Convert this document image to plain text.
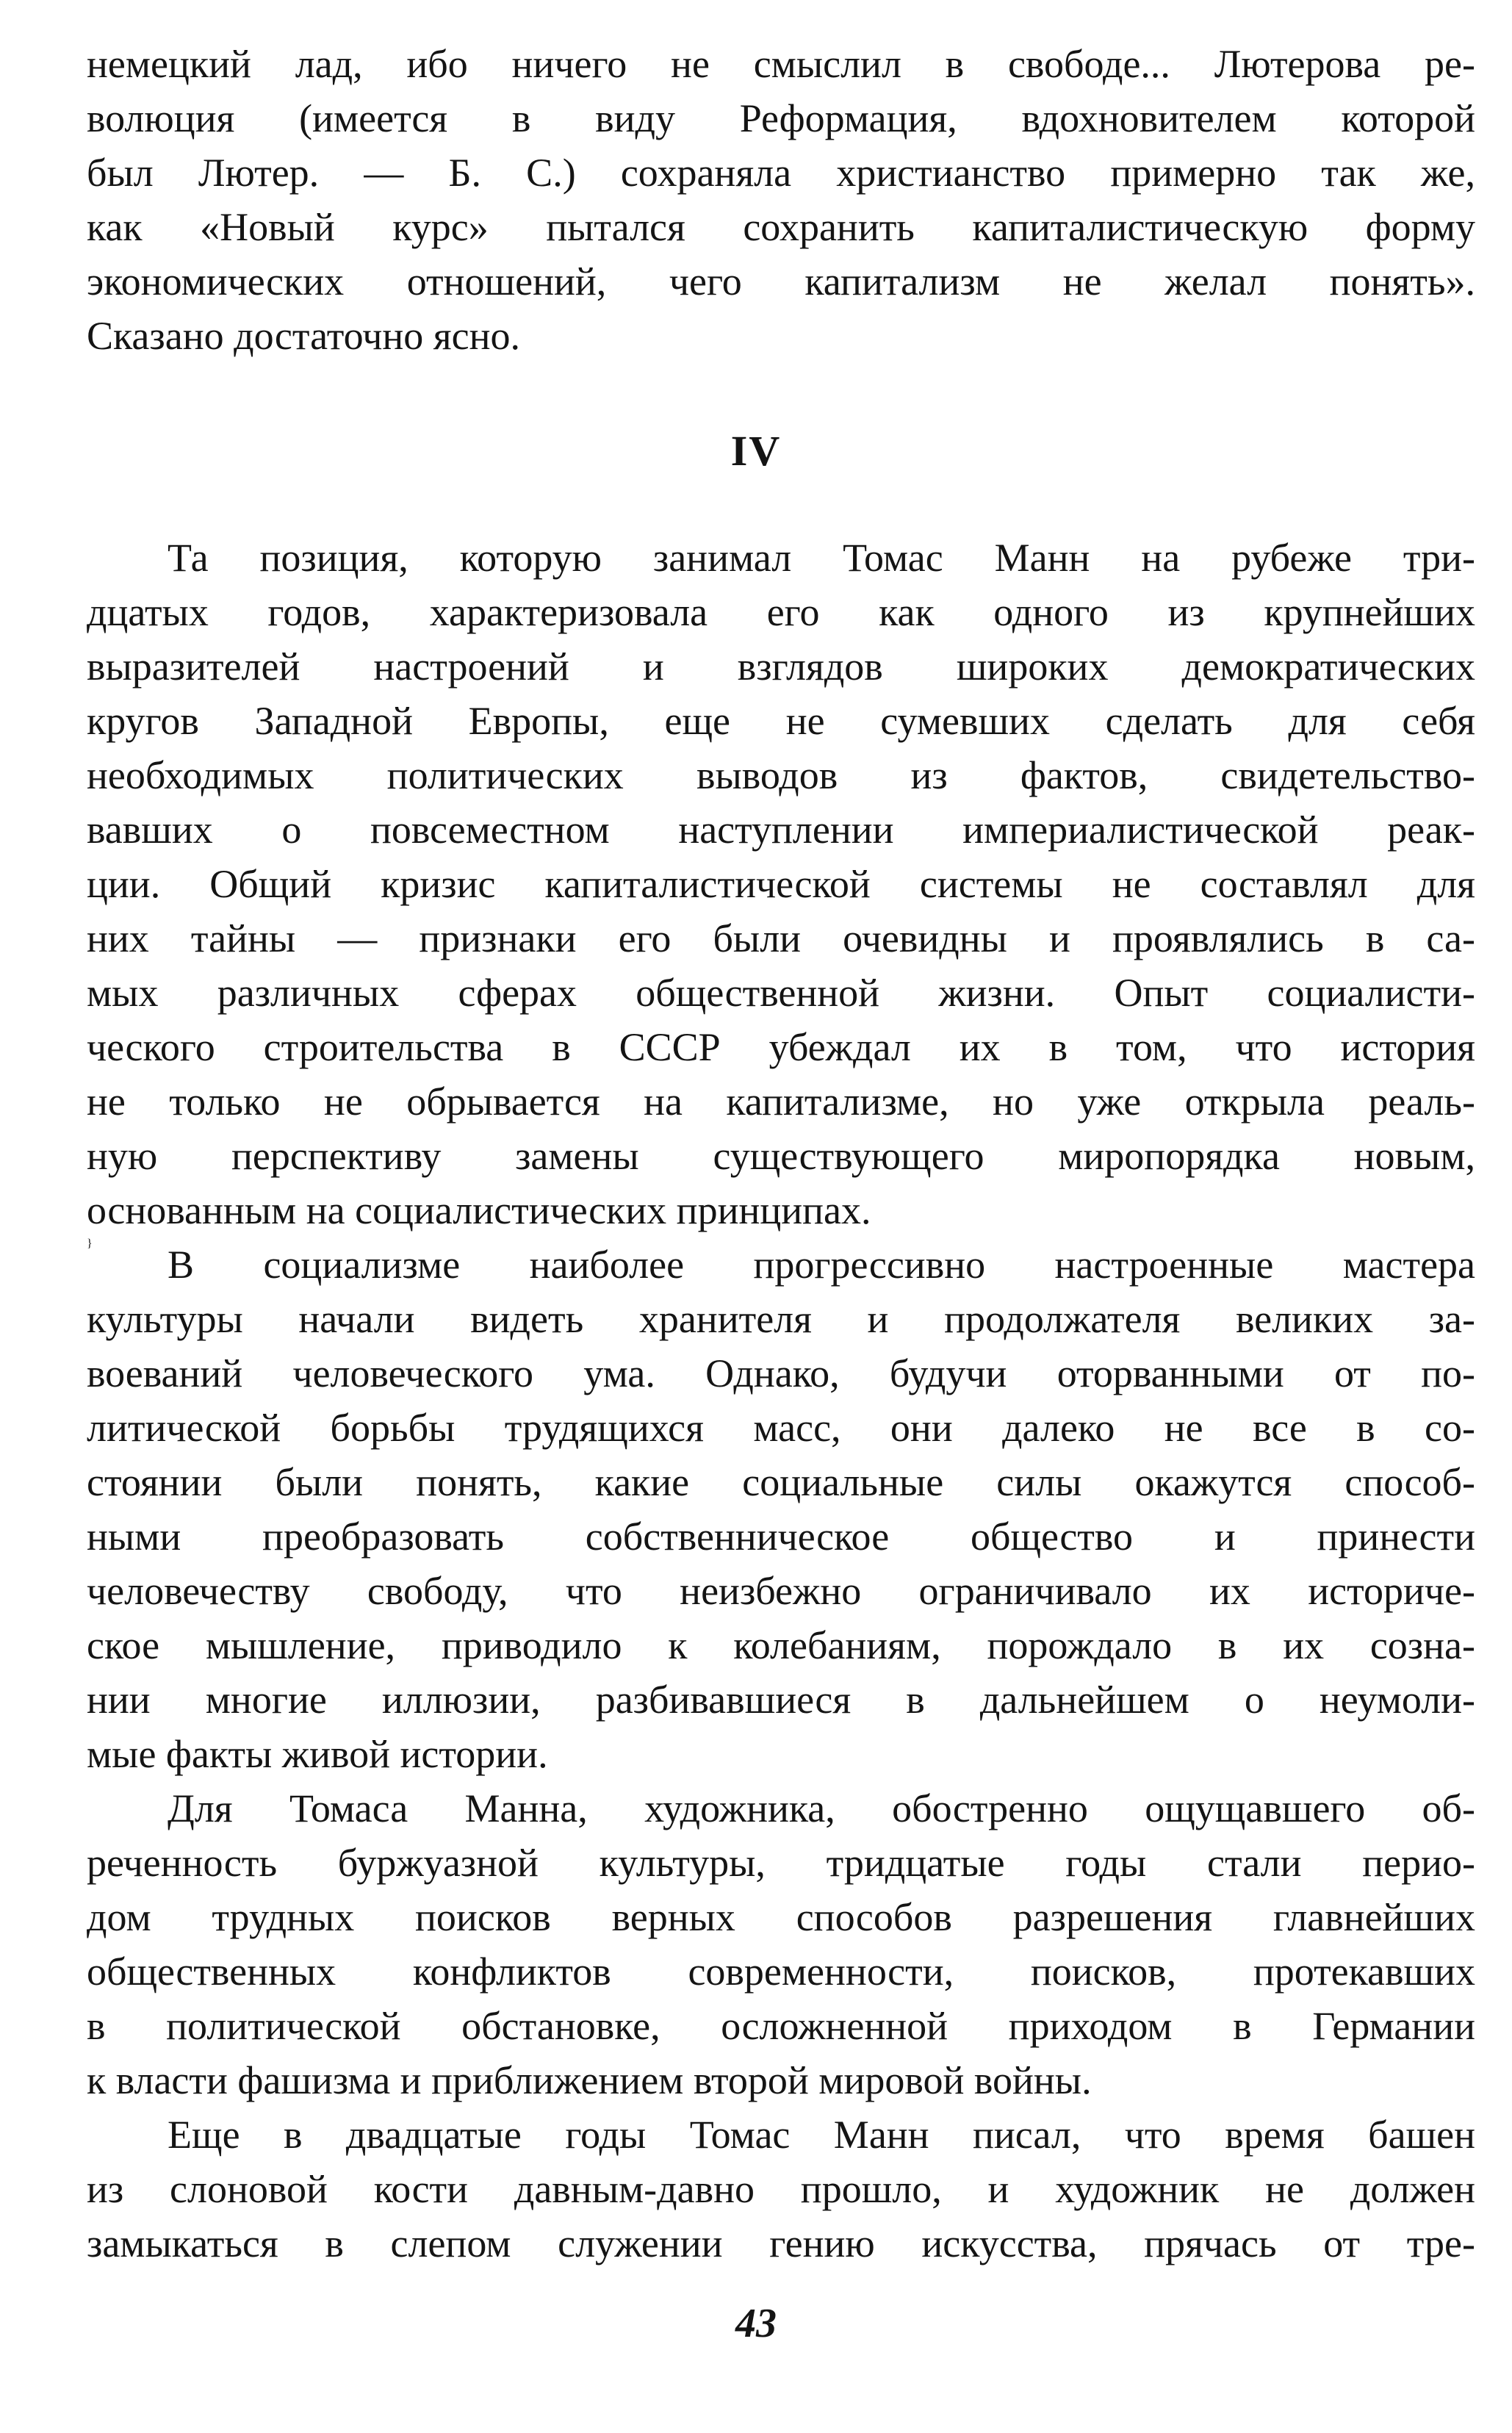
немецкий лад, ибо ничего не смыслил в свободе... Лютерова ре-
волюция (имеется в виду Реформация, вдохновителем которой
был Лютер. — Б. С.) сохраняла христианство примерно так же,
как «Новый курс» пытался сохранить капиталистическую форму
экономических отношений, чего капитализм не желал понять».
Сказано достаточно ясно.
IV
Та позиция, которую занимал Томас Манн на рубеже три-
дцатых годов, характеризовала его как одного из крупнейших
выразителей настроений и взглядов широких демократических
кругов Западной Европы, еще не сумевших сделать для себя
необходимых политических выводов из фактов, свидетельство-
вавших о повсеместном наступлении империалистической реак-
ции. Общий кризис капиталистической системы не составлял для
них тайны — признаки его были очевидны и проявлялись в са-
мых различных сферах общественной жизни. Опыт социалисти-
ческого строительства в СССР убеждал их в том, что история
не только не обрывается на капитализме, но уже открыла реаль-
ную перспективу замены существующего миропорядка новым,
основанным на социалистических принципах.
В социализме наиболее прогрессивно настроенные мастера
культуры начали видеть хранителя и продолжателя великих за-
воеваний человеческого ума. Однако, будучи оторванными от по-
литической борьбы трудящихся масс, они далеко не все в со-
стоянии были понять, какие социальные силы окажутся способ-
ными преобразовать собственническое общество и принести
человечеству свободу, что неизбежно ограничивало их историче-
ское мышление, приводило к колебаниям, порождало в их созна-
нии многие иллюзии, разбивавшиеся в дальнейшем о неумоли-
мые факты живой истории.
}
Для Томаса Манна, художника, обостренно ощущавшего об-
реченность буржуазной культуры, тридцатые годы стали перио-
дом трудных поисков верных способов разрешения главнейших
общественных конфликтов современности, поисков, протекавших
в политической обстановке, осложненной приходом в Германии
к власти фашизма и приближением второй мировой войны.
Еще в двадцатые годы Томас Манн писал, что время башен
из слоновой кости давным-давно прошло, и художник не должен
замыкаться в слепом служении гению искусства, прячась от тре-
43
